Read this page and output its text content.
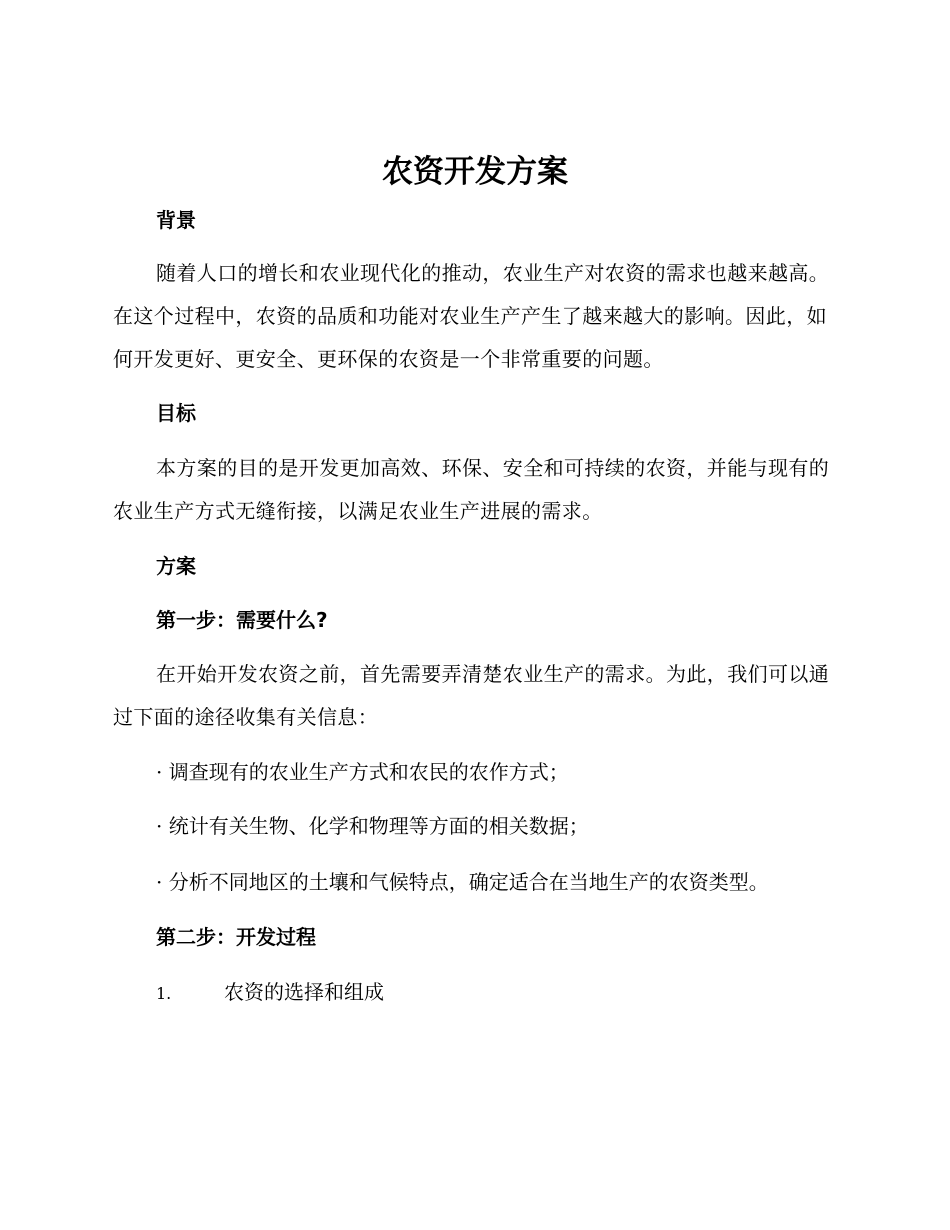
农资开发方案

背景

随着人口的增长和农业现代化的推动，农业生产对农资的需求也越来越高。在这个过程中，农资的品质和功能对农业生产产生了越来越大的影响。因此，如何开发更好、更安全、更环保的农资是一个非常重要的问题。

目标

本方案的目的是开发更加高效、环保、安全和可持续的农资，并能与现有的农业生产方式无缝衔接，以满足农业生产进展的需求。

方案

第一步：需要什么?

在开始开发农资之前，首先需要弄清楚农业生产的需求。为此，我们可以通过下面的途径收集有关信息：

· 调查现有的农业生产方式和农民的农作方式；

· 统计有关生物、化学和物理等方面的相关数据；

· 分析不同地区的土壤和气候特点，确定适合在当地生产的农资类型。

第二步：开发过程

1.	农资的选择和组成
